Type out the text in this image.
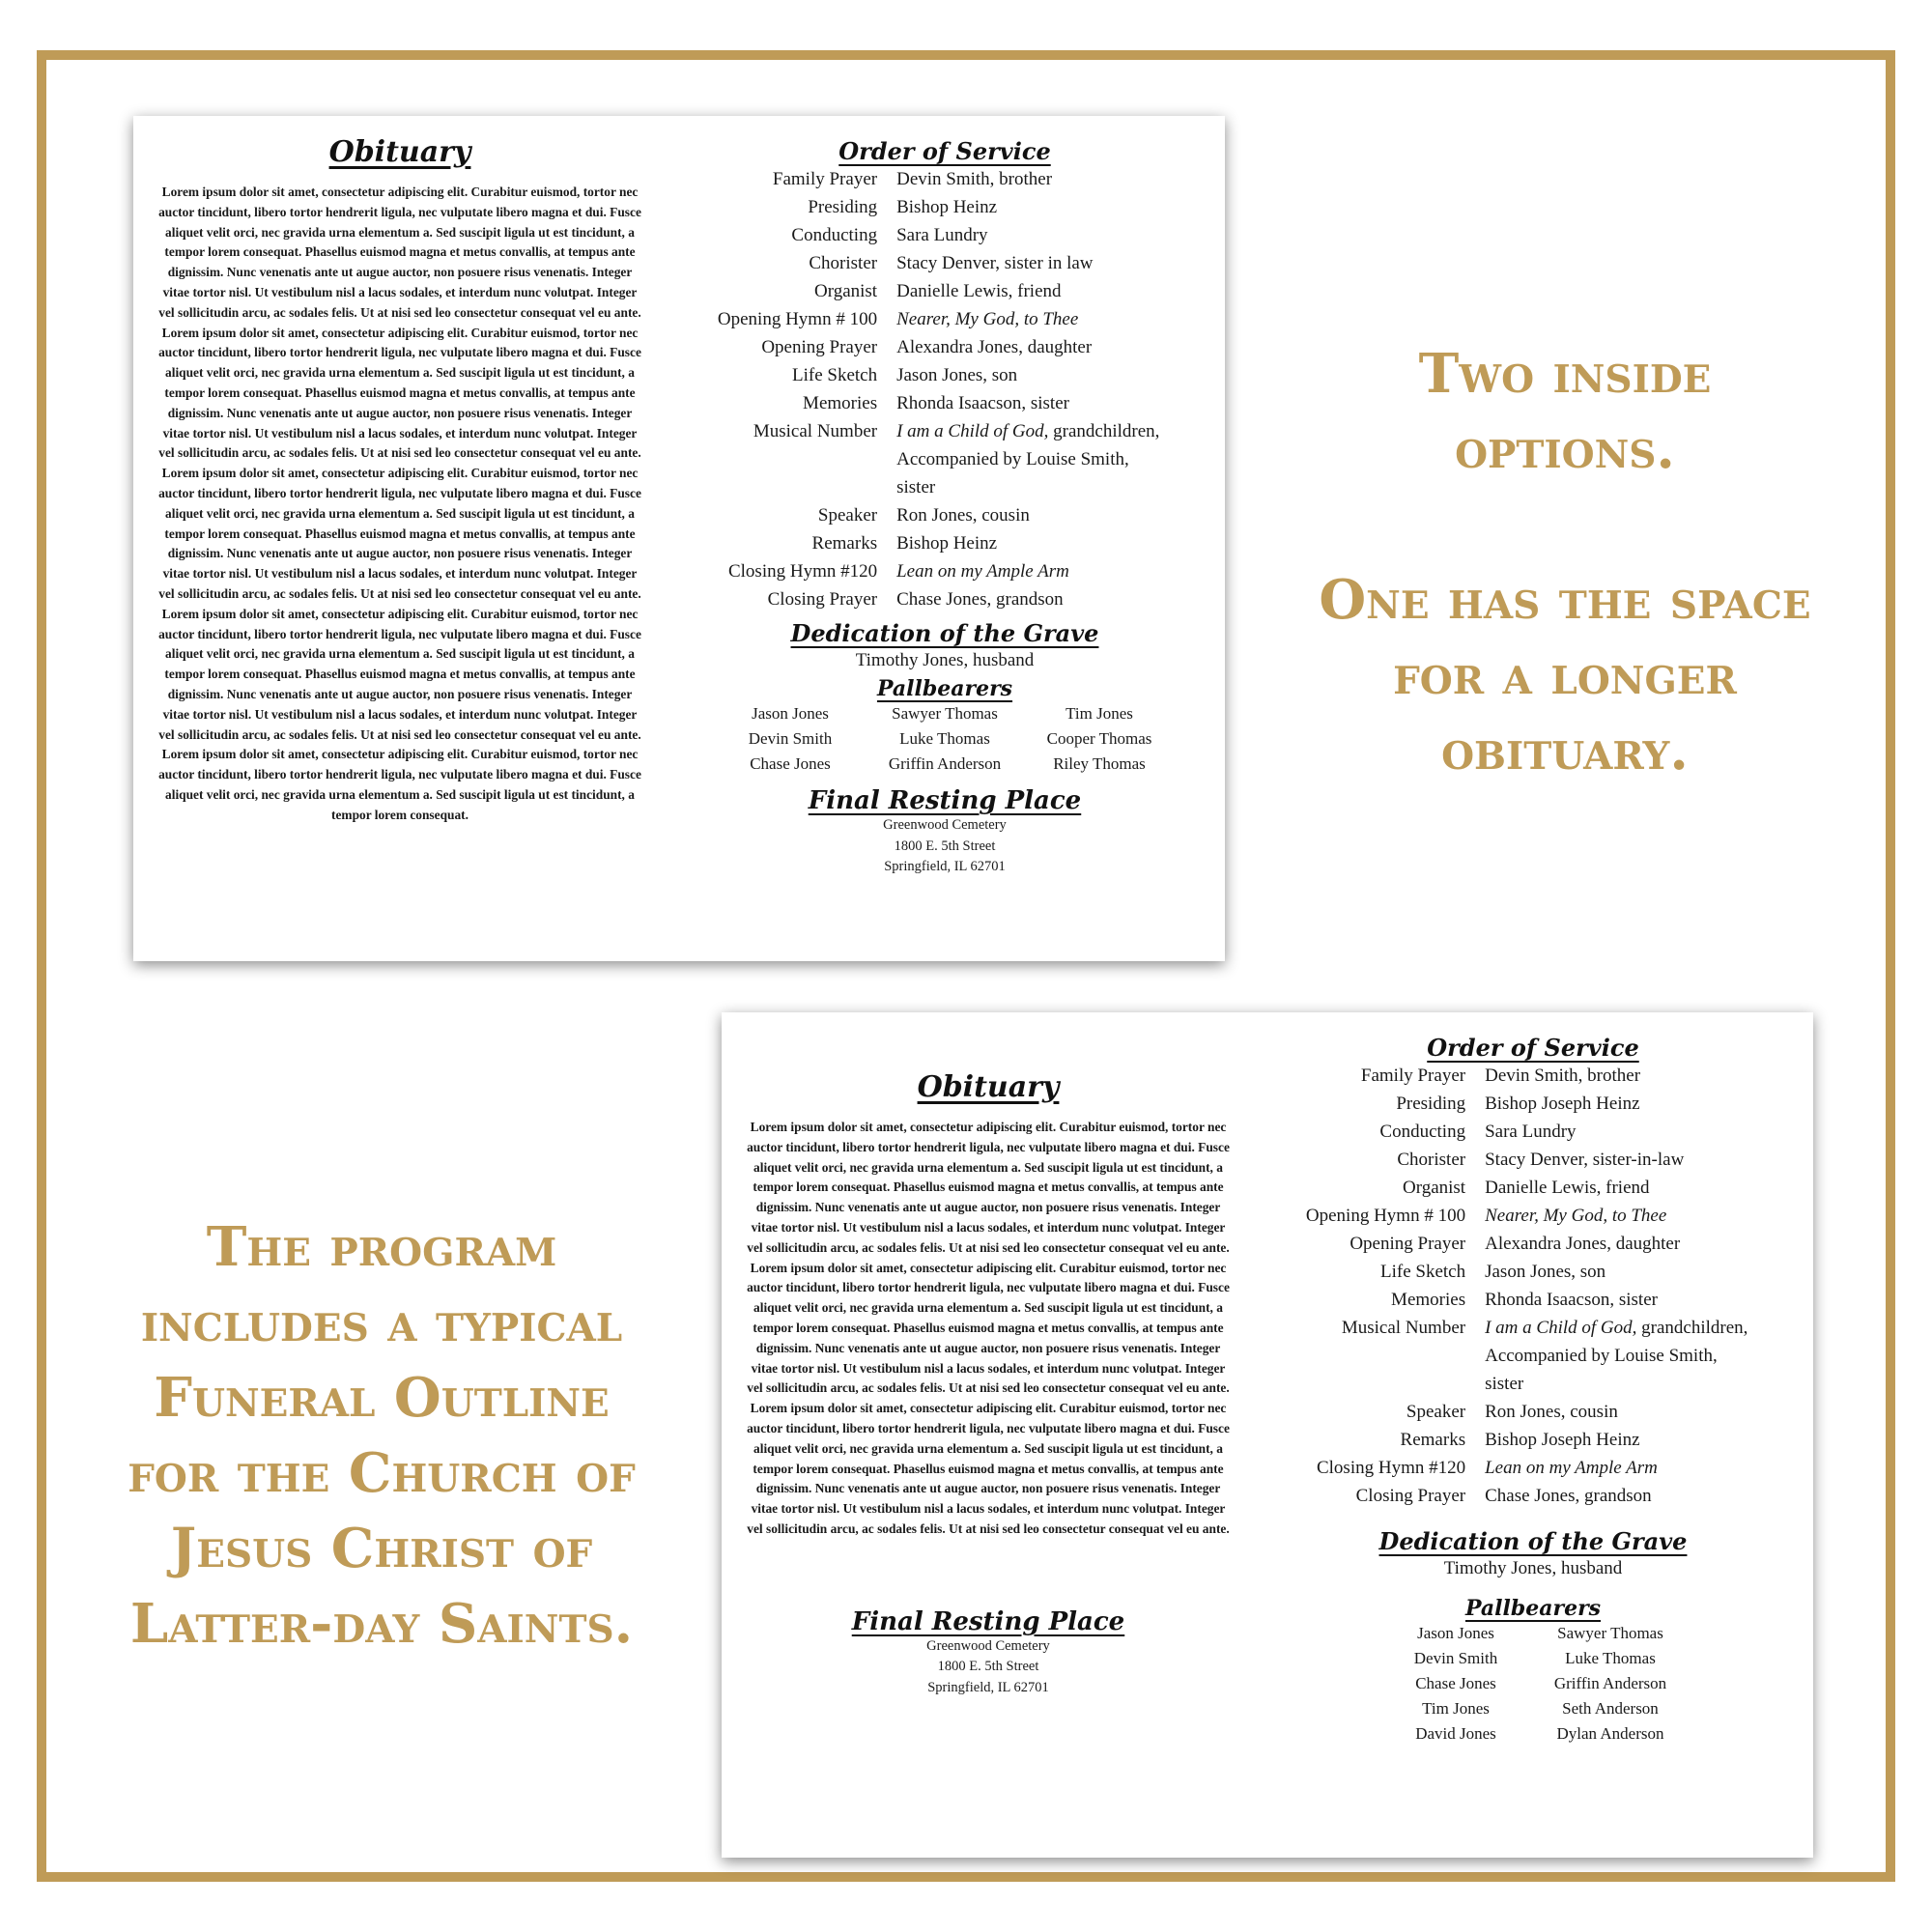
Obituary

Lorem ipsum dolor sit amet, consectetur adipiscing elit. Curabitur euismod, tortor nec auctor tincidunt, libero tortor hendrerit ligula, nec vulputate libero magna et dui. Fusce aliquet velit orci, nec gravida urna elementum a. Sed suscipit ligula ut est tincidunt, a tempor lorem consequat. Phasellus euismod magna et metus convallis, at tempus ante dignissim. Nunc venenatis ante ut augue auctor, non posuere risus venenatis. Integer vitae tortor nisl. Ut vestibulum nisl a lacus sodales, et interdum nunc volutpat. Integer vel sollicitudin arcu, ac sodales felis. Ut at nisi sed leo consectetur consequat vel eu ante.

Lorem ipsum dolor sit amet, consectetur adipiscing elit. Curabitur euismod, tortor nec auctor tincidunt, libero tortor hendrerit ligula, nec vulputate libero magna et dui. Fusce aliquet velit orci, nec gravida urna elementum a. Sed suscipit ligula ut est tincidunt, a tempor lorem consequat. Phasellus euismod magna et metus convallis, at tempus ante dignissim. Nunc venenatis ante ut augue auctor, non posuere risus venenatis. Integer vitae tortor nisl. Ut vestibulum nisl a lacus sodales, et interdum nunc volutpat. Integer vel sollicitudin arcu, ac sodales felis. Ut at nisi sed leo consectetur consequat vel eu ante.

Lorem ipsum dolor sit amet, consectetur adipiscing elit. Curabitur euismod, tortor nec auctor tincidunt, libero tortor hendrerit ligula, nec vulputate libero magna et dui. Fusce aliquet velit orci, nec gravida urna elementum a. Sed suscipit ligula ut est tincidunt, a tempor lorem consequat. Phasellus euismod magna et metus convallis, at tempus ante dignissim. Nunc venenatis ante ut augue auctor, non posuere risus venenatis. Integer vitae tortor nisl. Ut vestibulum nisl a lacus sodales, et interdum nunc volutpat. Integer vel sollicitudin arcu, ac sodales felis. Ut at nisi sed leo consectetur consequat vel eu ante.

Lorem ipsum dolor sit amet, consectetur adipiscing elit. Curabitur euismod, tortor nec auctor tincidunt, libero tortor hendrerit ligula, nec vulputate libero magna et dui. Fusce aliquet velit orci, nec gravida urna elementum a. Sed suscipit ligula ut est tincidunt, a tempor lorem consequat. Phasellus euismod magna et metus convallis, at tempus ante dignissim. Nunc venenatis ante ut augue auctor, non posuere risus venenatis. Integer vitae tortor nisl. Ut vestibulum nisl a lacus sodales, et interdum nunc volutpat. Integer vel sollicitudin arcu, ac sodales felis. Ut at nisi sed leo consectetur consequat vel eu ante.

Lorem ipsum dolor sit amet, consectetur adipiscing elit. Curabitur euismod, tortor nec auctor tincidunt, libero tortor hendrerit ligula, nec vulputate libero magna et dui. Fusce aliquet velit orci, nec gravida urna elementum a. Sed suscipit ligula ut est tincidunt, a tempor lorem consequat.

Order of Service
Family Prayer Devin Smith, brother
Presiding Bishop Heinz
Conducting Sara Lundry
Chorister Stacy Denver, sister in law
Organist Danielle Lewis, friend
Opening Hymn # 100 Nearer, My God, to Thee
Opening Prayer Alexandra Jones, daughter
Life Sketch Jason Jones, son
Memories Rhonda Isaacson, sister
Musical Number I am a Child of God, grandchildren, Accompanied by Louise Smith, sister
Speaker Ron Jones, cousin
Remarks Bishop Heinz
Closing Hymn #120 Lean on my Ample Arm
Closing Prayer Chase Jones, grandson
Dedication of the Grave
Timothy Jones, husband
Pallbearers
Jason Jones	Sawyer Thomas	Tim Jones
Devin Smith	Luke Thomas	Cooper Thomas
Chase Jones	Griffin Anderson	Riley Thomas
Final Resting Place
Greenwood Cemetery
1800 E. 5th Street
Springfield, IL 62701
Obituary

Lorem ipsum dolor sit amet, consectetur adipiscing elit. Curabitur euismod, tortor nec auctor tincidunt, libero tortor hendrerit ligula, nec vulputate libero magna et dui. Fusce aliquet velit orci, nec gravida urna elementum a. Sed suscipit ligula ut est tincidunt, a tempor lorem consequat. Phasellus euismod magna et metus convallis, at tempus ante dignissim. Nunc venenatis ante ut augue auctor, non posuere risus venenatis. Integer vitae tortor nisl. Ut vestibulum nisl a lacus sodales, et interdum nunc volutpat. Integer vel sollicitudin arcu, ac sodales felis. Ut at nisi sed leo consectetur consequat vel eu ante.

Lorem ipsum dolor sit amet, consectetur adipiscing elit. Curabitur euismod, tortor nec auctor tincidunt, libero tortor hendrerit ligula, nec vulputate libero magna et dui. Fusce aliquet velit orci, nec gravida urna elementum a. Sed suscipit ligula ut est tincidunt, a tempor lorem consequat. Phasellus euismod magna et metus convallis, at tempus ante dignissim. Nunc venenatis ante ut augue auctor, non posuere risus venenatis. Integer vitae tortor nisl. Ut vestibulum nisl a lacus sodales, et interdum nunc volutpat. Integer vel sollicitudin arcu, ac sodales felis. Ut at nisi sed leo consectetur consequat vel eu ante.

Lorem ipsum dolor sit amet, consectetur adipiscing elit. Curabitur euismod, tortor nec auctor tincidunt, libero tortor hendrerit ligula, nec vulputate libero magna et dui. Fusce aliquet velit orci, nec gravida urna elementum a. Sed suscipit ligula ut est tincidunt, a tempor lorem consequat. Phasellus euismod magna et metus convallis, at tempus ante dignissim. Nunc venenatis ante ut augue auctor, non posuere risus venenatis. Integer vitae tortor nisl. Ut vestibulum nisl a lacus sodales, et interdum nunc volutpat. Integer vel sollicitudin arcu, ac sodales felis. Ut at nisi sed leo consectetur consequat vel eu ante.

Final Resting Place
Greenwood Cemetery
1800 E. 5th Street
Springfield, IL 62701
Order of Service
Family Prayer Devin Smith, brother
Presiding Bishop Joseph Heinz
Conducting Sara Lundry
Chorister Stacy Denver, sister-in-law
Organist Danielle Lewis, friend
Opening Hymn # 100 Nearer, My God, to Thee
Opening Prayer Alexandra Jones, daughter
Life Sketch Jason Jones, son
Memories Rhonda Isaacson, sister
Musical Number I am a Child of God, grandchildren, Accompanied by Louise Smith, sister
Speaker Ron Jones, cousin
Remarks Bishop Joseph Heinz
Closing Hymn #120 Lean on my Ample Arm
Closing Prayer Chase Jones, grandson
Dedication of the Grave
Timothy Jones, husband
Pallbearers
Jason Jones	Sawyer Thomas
Devin Smith	Luke Thomas
Chase Jones	Griffin Anderson
Tim Jones	Seth Anderson
David Jones	Dylan Anderson
Two inside
options.
One has the space
for a longer
obituary.
The program
includes a typical
Funeral Outline
for the Church of
Jesus Christ of
Latter-day Saints.
